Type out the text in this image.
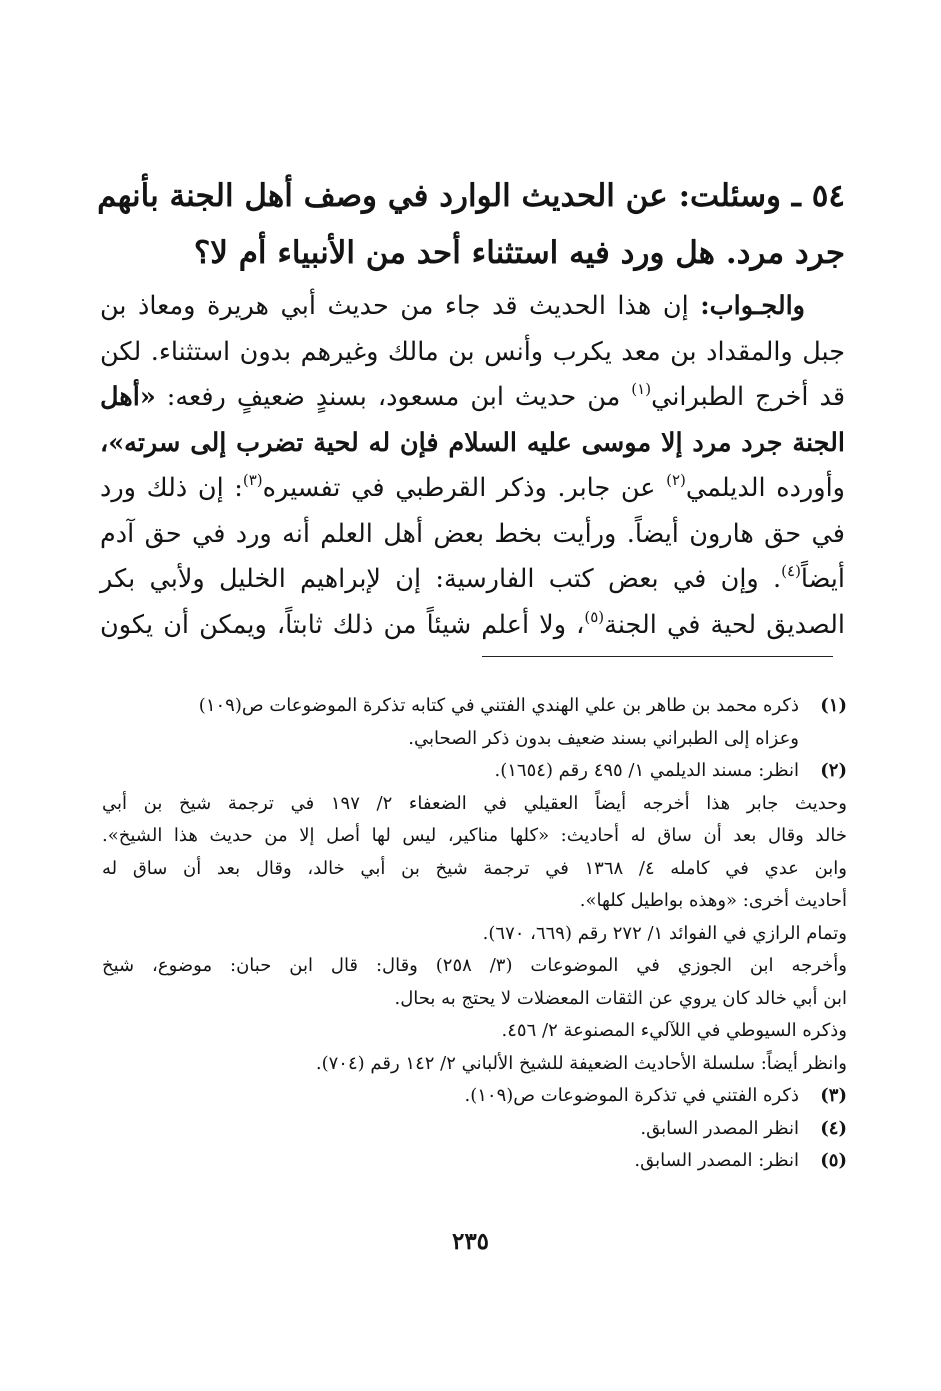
٥٤ ـ وسئلت: عن الحديث الوارد في وصف أهل الجنة بأنهم
جرد مرد. هل ورد فيه استثناء أحد من الأنبياء أم لا؟
والجـواب: إن هذا الحديث قد جاء من حديث أبي هريرة ومعاذ بن
جبل والمقداد بن معد يكرب وأنس بن مالك وغيرهم بدون استثناء. لكن
قد أخرج الطبراني$^{(١)}$ من حديث ابن مسعود، بسندٍ ضعيفٍ رفعه: «أهل
الجنة جرد مرد إلا موسى عليه السلام فإن له لحية تضرب إلى سرته»،
وأورده الديلمي$^{(٢)}$ عن جابر. وذكر القرطبي في تفسيره$^{(٣)}$: إن ذلك ورد
في حق هارون أيضاً. ورأيت بخط بعض أهل العلم أنه ورد في حق آدم
أيضاً$^{(٤)}$. وإن في بعض كتب الفارسية: إن لإبراهيم الخليل ولأبي بكر
الصديق لحية في الجنة$^{(٥)}$، ولا أعلم شيئاً من ذلك ثابتاً، ويمكن أن يكون
(١)
ذكره محمد بن طاهر بن علي الهندي الفتني في كتابه تذكرة الموضوعات ص(١٠٩)
وعزاه إلى الطبراني بسند ضعيف بدون ذكر الصحابي.
(٢)
انظر: مسند الديلمي ١/ ٤٩٥ رقم (١٦٥٤).
وحديث جابر هذا أخرجه أيضاً العقيلي في الضعفاء ٢/ ١٩٧ في ترجمة شيخ بن أبي
خالد وقال بعد أن ساق له أحاديث: «كلها مناكير، ليس لها أصل إلا من حديث هذا الشيخ».
وابن عدي في كامله ٤/ ١٣٦٨ في ترجمة شيخ بن أبي خالد، وقال بعد أن ساق له
أحاديث أخرى: «وهذه بواطيل كلها».
وتمام الرازي في الفوائد ١/ ٢٧٢ رقم (٦٦٩، ٦٧٠).
وأخرجه ابن الجوزي في الموضوعات (٣/ ٢٥٨) وقال: قال ابن حبان: موضوع، شيخ
ابن أبي خالد كان يروي عن الثقات المعضلات لا يحتج به بحال.
وذكره السيوطي في اللآليء المصنوعة ٢/ ٤٥٦.
وانظر أيضاً: سلسلة الأحاديث الضعيفة للشيخ الألباني ٢/ ١٤٢ رقم (٧٠٤).
(٣)
ذكره الفتني في تذكرة الموضوعات ص(١٠٩).
(٤)
انظر المصدر السابق.
(٥)
انظر: المصدر السابق.
٢٣٥
